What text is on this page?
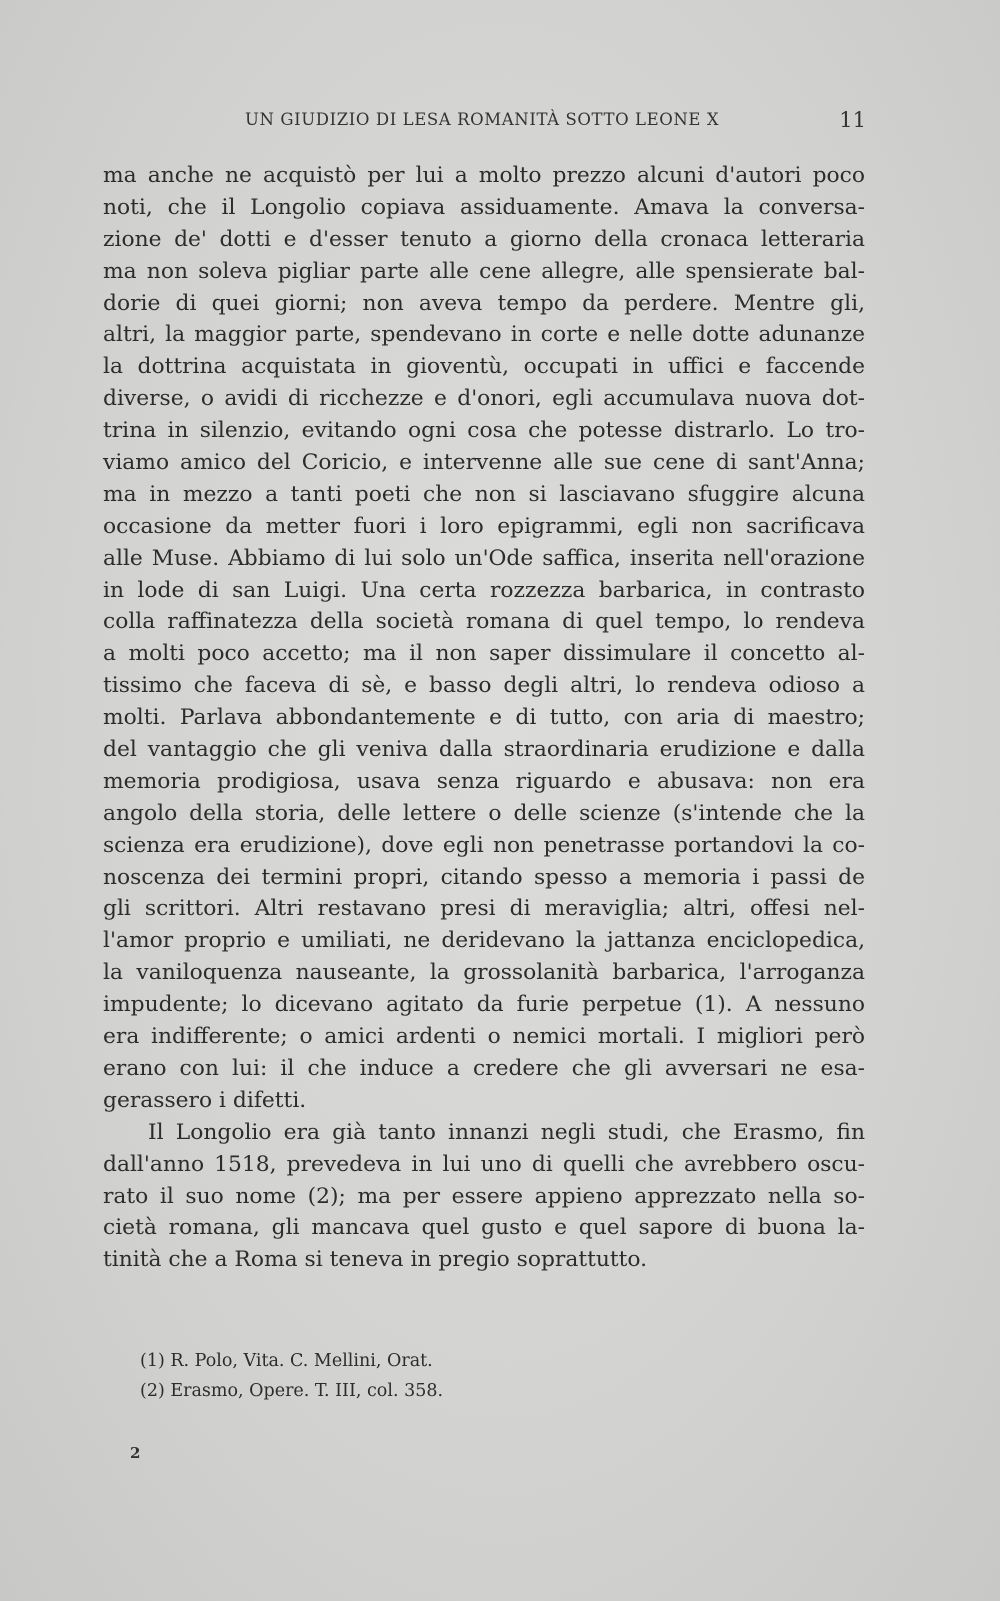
UN GIUDIZIO DI LESA ROMANITÀ SOTTO LEONE X	11
ma anche ne acquistò per lui a molto prezzo alcuni d'autori poco
noti, che il Longolio copiava assiduamente. Amava la conversa-
zione de' dotti e d'esser tenuto a giorno della cronaca letteraria
ma non soleva pigliar parte alle cene allegre, alle spensierate bal-
dorie di quei giorni; non aveva tempo da perdere. Mentre gli,
altri, la maggior parte, spendevano in corte e nelle dotte adunanze
la dottrina acquistata in gioventù, occupati in uffici e faccende
diverse, o avidi di ricchezze e d'onori, egli accumulava nuova dot-
trina in silenzio, evitando ogni cosa che potesse distrarlo. Lo tro-
viamo amico del Coricio, e intervenne alle sue cene di sant'Anna;
ma in mezzo a tanti poeti che non si lasciavano sfuggire alcuna
occasione da metter fuori i loro epigrammi, egli non sacrificava
alle Muse. Abbiamo di lui solo un'Ode saffica, inserita nell'orazione
in lode di san Luigi. Una certa rozzezza barbarica, in contrasto
colla raffinatezza della società romana di quel tempo, lo rendeva
a molti poco accetto; ma il non saper dissimulare il concetto al-
tissimo che faceva di sè, e basso degli altri, lo rendeva odioso a
molti. Parlava abbondantemente e di tutto, con aria di maestro;
del vantaggio che gli veniva dalla straordinaria erudizione e dalla
memoria prodigiosa, usava senza riguardo e abusava: non era
angolo della storia, delle lettere o delle scienze (s'intende che la
scienza era erudizione), dove egli non penetrasse portandovi la co-
noscenza dei termini propri, citando spesso a memoria i passi de
gli scrittori. Altri restavano presi di meraviglia; altri, offesi nel-
l'amor proprio e umiliati, ne deridevano la jattanza enciclopedica,
la vaniloquenza nauseante, la grossolanità barbarica, l'arroganza
impudente; lo dicevano agitato da furie perpetue (1). A nessuno
era indifferente; o amici ardenti o nemici mortali. I migliori però
erano con lui: il che induce a credere che gli avversari ne esa-
gerassero i difetti.
Il Longolio era già tanto innanzi negli studi, che Erasmo, fin
dall'anno 1518, prevedeva in lui uno di quelli che avrebbero oscu-
rato il suo nome (2); ma per essere appieno apprezzato nella so-
cietà romana, gli mancava quel gusto e quel sapore di buona la-
tinità che a Roma si teneva in pregio soprattutto.
(1) R. Polo, Vita. C. Mellini, Orat.
(2) Erasmo, Opere. T. III, col. 358.
2
